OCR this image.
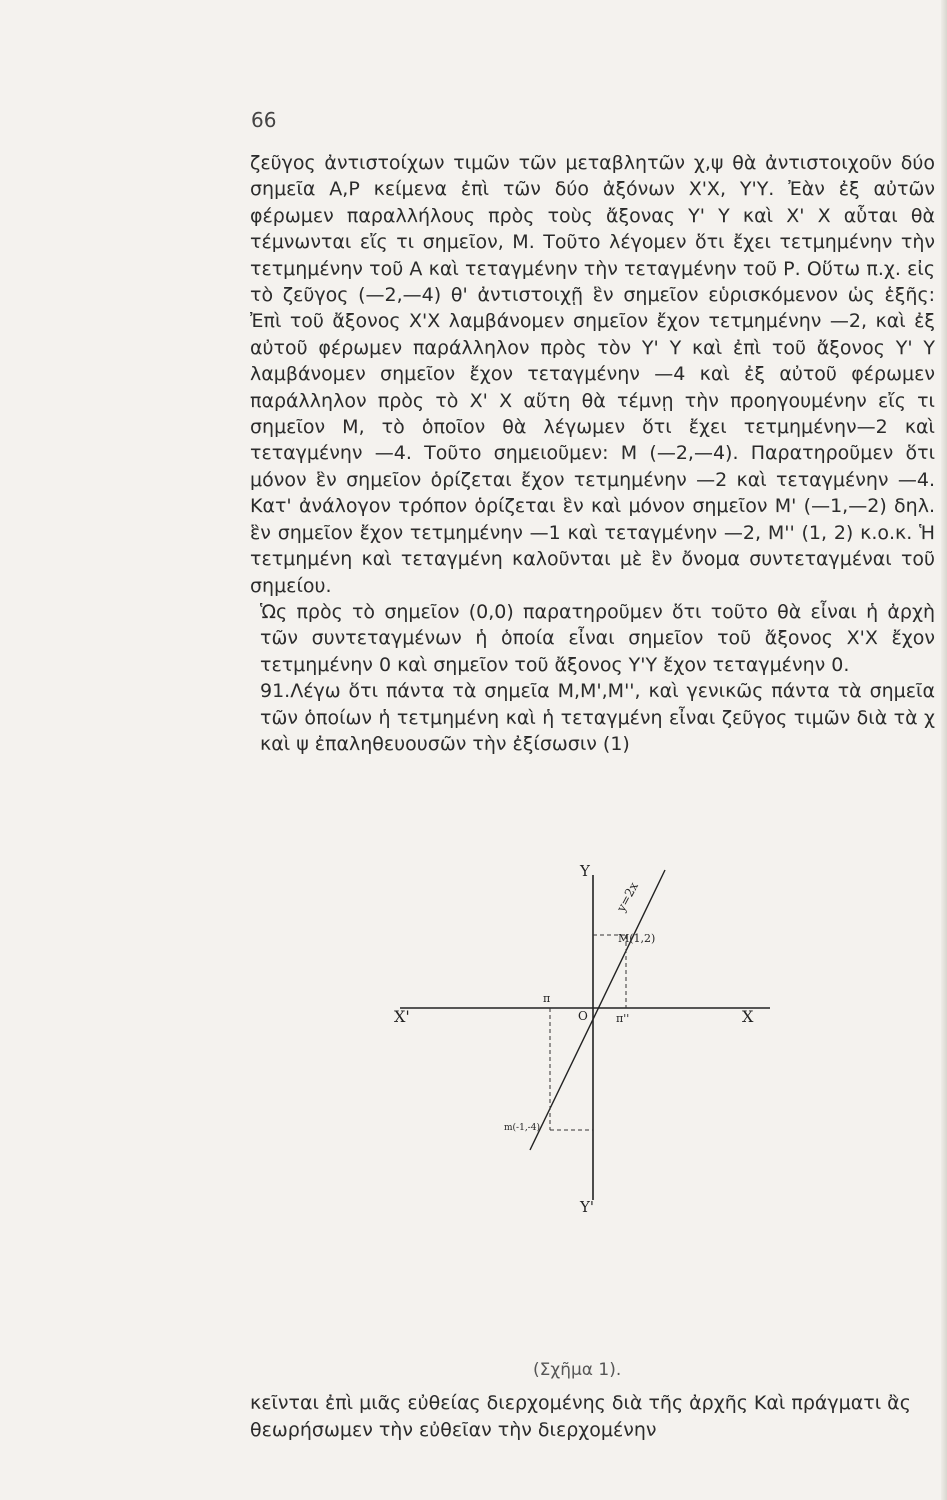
66

ζεῦγος ἀντιστοίχων τιμῶν τῶν μεταβλητῶν χ,ψ θὰ ἀντιστοιχοῦν δύο σημεῖα Α,Ρ κείμενα ἐπὶ τῶν δύο ἀξόνων Χ'Χ, Υ'Υ. Ἐὰν ἐξ αὐτῶν φέρωμεν παραλλήλους πρὸς τοὺς ἄξονας Υ' Υ καὶ Χ' Χ αὗται θὰ τέμνωνται εἴς τι σημεῖον, Μ. Τοῦτο λέγομεν ὅτι ἔχει τετμημένην τὴν τετμημένην τοῦ Α καὶ τεταγμένην τὴν τεταγμένην τοῦ Ρ. Οὕτω π.χ. εἰς τὸ ζεῦγος (—2,—4) θ' ἀντιστοιχῇ ἓν σημεῖον εὑρισκόμενον ὡς ἑξῆς: Ἐπὶ τοῦ ἄξονος Χ'Χ λαμβάνομεν σημεῖον ἔχον τετμημένην —2, καὶ ἐξ αὐτοῦ φέρωμεν παράλληλον πρὸς τὸν Υ' Υ καὶ ἐπὶ τοῦ ἄξονος Υ' Υ λαμβάνομεν σημεῖον ἔχον τεταγμένην —4 καὶ ἐξ αὐτοῦ φέρωμεν παράλληλον πρὸς τὸ Χ' Χ αὕτη θὰ τέμνῃ τὴν προηγουμένην εἴς τι σημεῖον Μ, τὸ ὁποῖον θὰ λέγωμεν ὅτι ἔχει τετμημένην—2 καὶ τεταγμένην —4. Τοῦτο σημειοῦμεν: Μ (—2,—4). Παρατηροῦμεν ὅτι μόνον ἓν σημεῖον ὁρίζεται ἔχον τετμημένην —2 καὶ τεταγμένην —4. Κατ' ἀνάλογον τρόπον ὁρίζεται ἓν καὶ μόνον σημεῖον Μ' (—1,—2) δηλ. ἓν σημεῖον ἔχον τετμημένην —1 καὶ τεταγμένην —2, Μ'' (1, 2) κ.ο.κ. Ἡ τετμημένη καὶ τεταγμένη καλοῦνται μὲ ἓν ὄνομα συντεταγμέναι τοῦ σημείου.

Ὡς πρὸς τὸ σημεῖον (0,0) παρατηροῦμεν ὅτι τοῦτο θὰ εἶναι ἡ ἀρχὴ τῶν συντεταγμένων ἡ ὁποία εἶναι σημεῖον τοῦ ἄξονος Χ'Χ ἔχον τετμημένην 0 καὶ σημεῖον τοῦ ἄξονος Υ'Υ ἔχον τεταγμένην 0.

91.Λέγω ὅτι πάντα τὰ σημεῖα Μ,Μ',Μ'', καὶ γενικῶς πάντα τὰ σημεῖα τῶν ὁποίων ἡ τετμημένη καὶ ἡ τεταγμένη εἶναι ζεῦγος τιμῶν διὰ τὰ χ καὶ ψ ἐπαληθευουσῶν τὴν ἐξίσωσιν (1)

Y
Y'
X'	X
y=2x
M(1,2)
m(-1,-4)
O
π
π''
(Σχῆμα 1).

κεῖνται ἐπὶ μιᾶς εὐθείας διερχομένης διὰ τῆς ἀρχῆς Καὶ πράγματι ἂς θεωρήσωμεν τὴν εὐθεῖαν τὴν διερχομένην
